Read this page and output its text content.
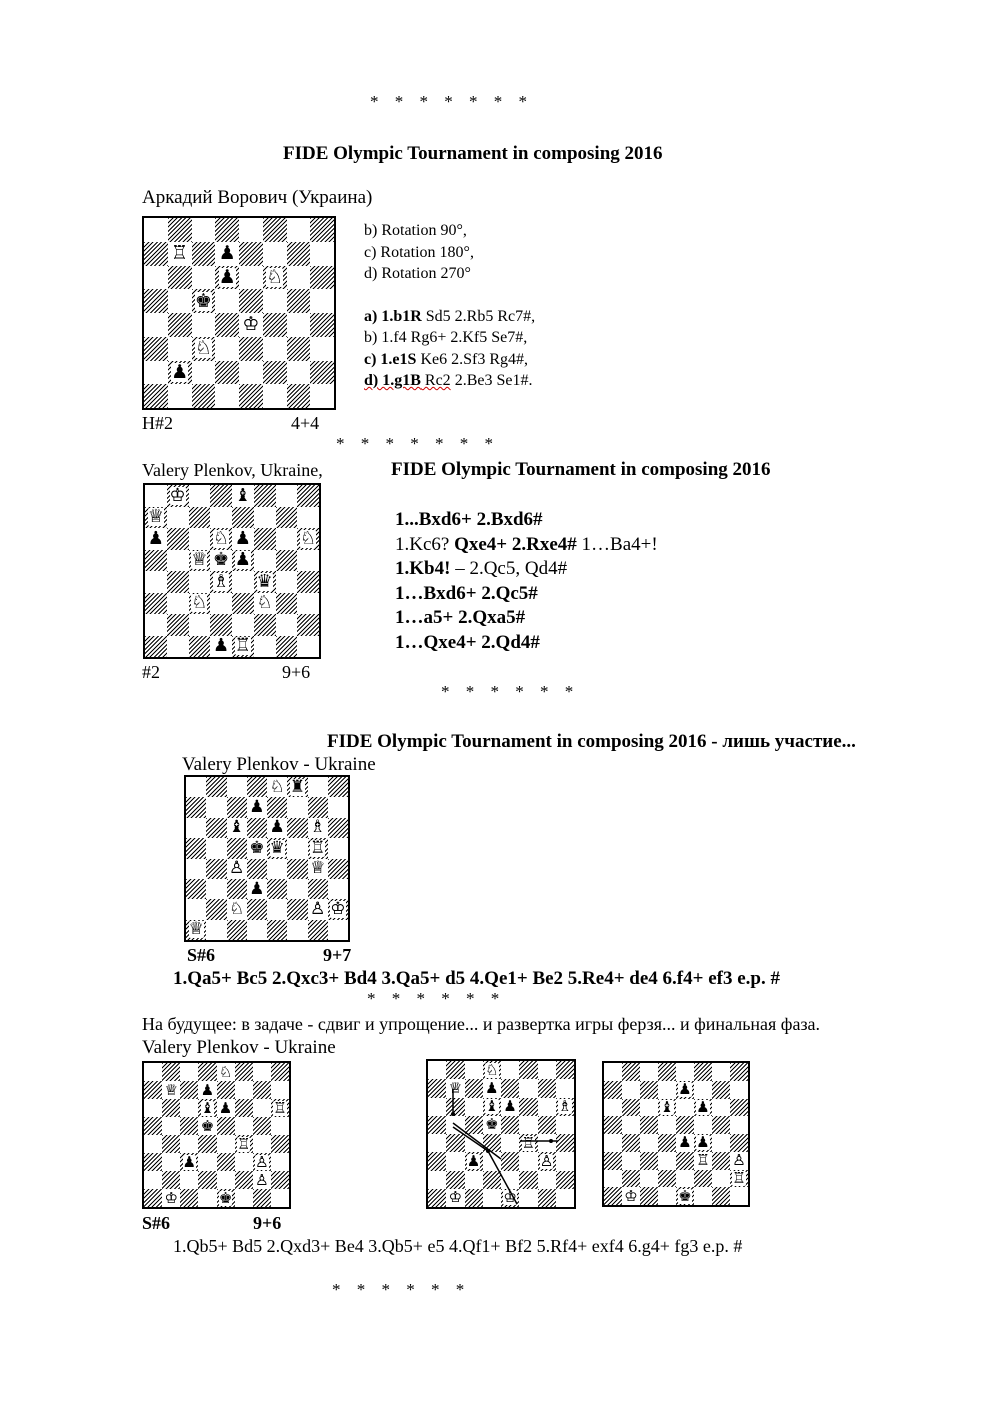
* * * * * * *
FIDE Olympic Tournament in composing 2016
Аркадий Ворович (Украина)
♖ ♟
♟ ♘
♚
♔
♘
♟
b) Rotation 90°,
c) Rotation 180°,
d) Rotation 270°
a) 1.b1R Sd5 2.Rb5 Rc7#,
b) 1.f4 Rg6+ 2.Kf5 Se7#,
c) 1.e1S Ke6 2.Sf3 Rg4#,
d) 1.g1B Rc2 2.Be3 Se1#.
H#2	4+4
* * * * * * *
Valery Plenkov, Ukraine,	FIDE Olympic Tournament in composing 2016
♔	♝
♕
♟	♘ ♟	♘
♕ ♚ ♟
♗ ♛
♘	♘
♟ ♖
1...Bxd6+ 2.Bxd6#
1.Kc6? Qxe4+ 2.Rxe4# 1…Ba4+!
1.Kb4! – 2.Qc5, Qd4#
1…Bxd6+ 2.Qc5#
1…a5+ 2.Qxa5#
1…Qxe4+ 2.Qd4#
#2	9+6
* * * * * *
FIDE Olympic Tournament in composing 2016 - лишь участие...
Valery Plenkov - Ukraine
♘ ♜
♟
♝ ♟ ♗
♚ ♛ ♖
♙	♕
♟
♘	♙ ♔
♕
S#6	9+7
1.Qa5+ Bc5 2.Qxc3+ Bd4 3.Qa5+ d5 4.Qe1+ Be2 5.Re4+ de4 6.f4+ ef3 e.p. #
* * * * * *
На будущее: в задаче - сдвиг и упрощение... и развертка игры ферзя... и финальная фаза.
Valery Plenkov - Ukraine
♘
♕ ♟
♝ ♟	♖
♚
♖
♟	♙
♙
♔	♚
♘
♕ ♟
♝ ♟	♗
♚
♖
♟	♙
♔	♔
♟
♝ ♟
♟ ♟
♖ ♙
♖
♔	♚
S#6	9+6
1.Qb5+ Bd5 2.Qxd3+ Be4 3.Qb5+ e5 4.Qf1+ Bf2 5.Rf4+ exf4 6.g4+ fg3 e.p. #
* * * * * *
